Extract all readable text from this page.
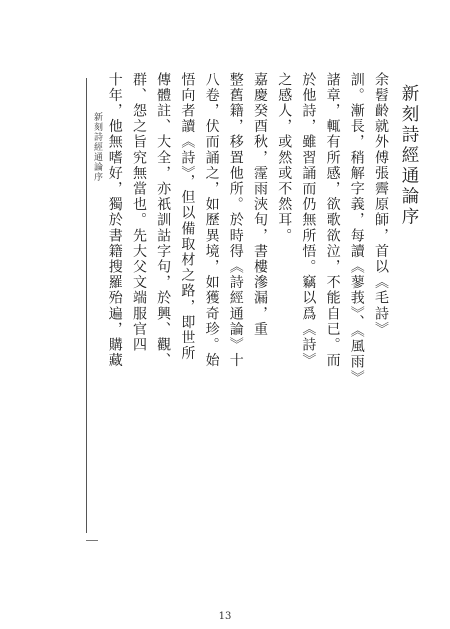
新刻詩經通論序	新刻詩經通論序
余髫齡就外傅張霽原師，首以《毛詩》
訓。漸長，稍解字義，每讀《蓼莪》、《風雨》
諸章，輒有所感，欲歌欲泣，不能自已。而
於他詩，雖習誦而仍無所悟。竊以爲《詩》
之感人，或然或不然耳。
嘉慶癸酉秋，霪雨浹旬，書樓滲漏，重
整舊籍，移置他所。於時得《詩經通論》十
八卷，伏而誦之，如歷異境，如獲奇珍。始
悟向者讀《詩》，但以備取材之路，即世所
傳體註、大全，亦祇訓詁字句，於興、觀、
群、怨之旨究無當也。先大父文端服官四
十年，他無嗜好，獨於書籍搜羅殆遍，購藏
13
